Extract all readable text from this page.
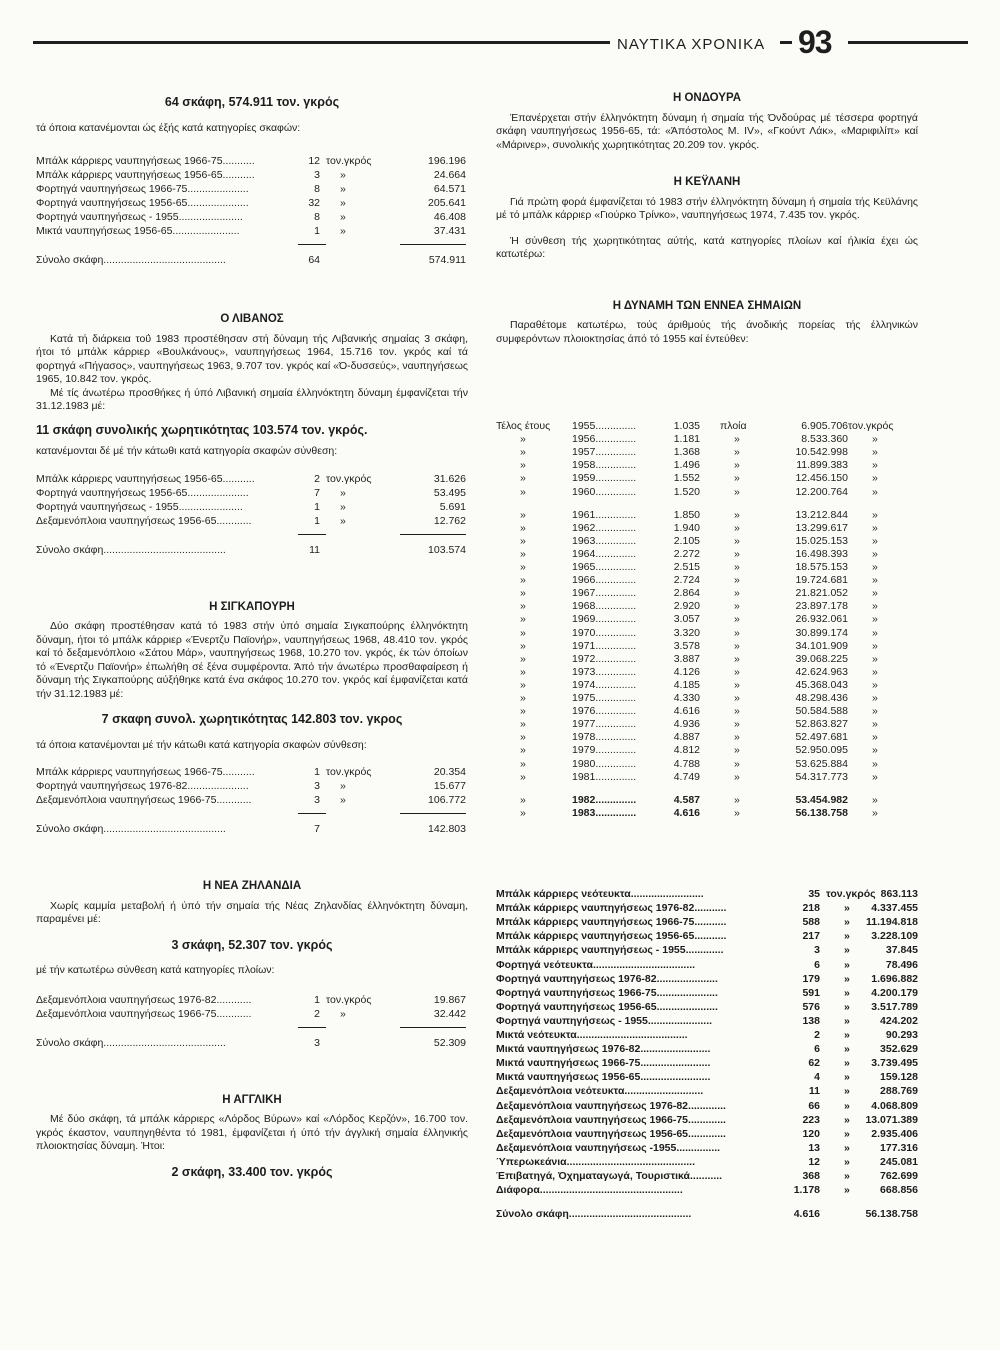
ΝΑΥΤΙΚΑ ΧΡΟΝΙΚΑ 93
64 σκάφη, 574.911 τον. γκρός

τά όποια κατανέμονται ώς έξής κατά κατηγορίες σκαφών:

Μπάλκ κάρριερς ναυπηγήσεως 1966-75...........	12 τον.γκρός	196.196
Μπάλκ κάρριερς ναυπηγήσεως 1956-65...........	3	»	24.664
Φορτηγά ναυπηγήσεως 1966-75.....................	8	»	64.571
Φορτηγά ναυπηγήσεως 1956-65.....................	32	»	205.641
Φορτηγά ναυπηγήσεως - 1955......................	8	»	46.408
Μικτά ναυπηγήσεως 1956-65.......................	1	»	37.431
Σύνολο σκάφη..........................................	64	574.911
Ο ΛΙΒΑΝΟΣ

Κατά τή διάρκεια τοΰ 1983 προστέθησαν στή δύναμη τής Λιβανικής σημαίας 3 σκάφη, ήτοι τό μπάλκ κάρριερ «Βουλκάνους», ναυπηγήσεως 1964, 15.716 τον. γκρός καί τά φορτηγά «Πήγασος», ναυπηγήσεως 1963, 9.707 τον. γκρός καί «Ό-δυσσεύς», ναυπηγήσεως 1965, 10.842 τον. γκρός.

Μέ τίς άνωτέρω προσθήκες ή ύπό Λιβανική σημαία έλληνόκτητη δύναμη έμφανίζεται τήν 31.12.1983 μέ:

11 σκάφη συνολικής χωρητικότητας 103.574 τον. γκρός.

κατανέμονται δέ μέ τήν κάτωθι κατά κατηγορία σκαφών σύνθεση:

Μπάλκ κάρριερς ναυπηγήσεως 1956-65...........	2 τον.γκρός	31.626
Φορτηγά ναυπηγήσεως 1956-65.....................	7	»	53.495
Φορτηγά ναυπηγήσεως - 1955......................	1	»	5.691
Δεξαμενόπλοια ναυπηγήσεως 1956-65............	1	»	12.762
Σύνολο σκάφη..........................................	11	103.574
Η ΣΙΓΚΑΠΟΥΡΗ

Δύο σκάφη προστέθησαν κατά τό 1983 στήν ύπό σημαία Σιγκαπούρης έλληνόκτητη δύναμη, ήτοι τό μπάλκ κάρριερ «Ένερτζυ Παϊονήρ», ναυπηγήσεως 1968, 48.410 τον. γκρός καί τό δεξαμενόπλοιο «Σάτου Μάρ», ναυπηγήσεως 1968, 10.270 τον. γκρός, έκ τών όποίων τό «Ένερτζυ Παϊονήρ» έπωλήθη σέ ξένα συμφέροντα. Άπό τήν άνωτέρω προσθαφαίρεση ή δύναμη τής Σιγκαπούρης αύξήθηκε κατά ένα σκάφος 10.270 τον. γκρός καί έμφανίζεται κατά τήν 31.12.1983 μέ:

7 σκαφη συνολ. χωρητικότητας 142.803 τον. γκρος

τά όποια κατανέμονται μέ τήν κάτωθι κατά κατηγορία σκαφών σύνθεση:

Μπάλκ κάρριερς ναυπηγήσεως 1966-75...........	1 τον.γκρός	20.354
Φορτηγά ναυπηγήσεως 1976-82.....................	3	»	15.677
Δεξαμενόπλοια ναυπηγήσεως 1966-75............	3	»	106.772
Σύνολο σκάφη..........................................	7	142.803
Η ΝΕΑ ΖΗΛΑΝΔΙΑ

Χωρίς καμμία μεταβολή ή ύπό τήν σημαία τής Νέας Ζηλανδίας έλληνόκτητη δύναμη, παραμένει μέ:

3 σκάφη, 52.307 τον. γκρός

μέ τήν κατωτέρω σύνθεση κατά κατηγορίες πλοίων:

Δεξαμενόπλοια ναυπηγήσεως 1976-82............	1 τον.γκρός	19.867
Δεξαμενόπλοια ναυπηγήσεως 1966-75............	2	»	32.442
Σύνολο σκάφη..........................................	3	52.309
Η ΑΓΓΛΙΚΗ

Μέ δύο σκάφη, τά μπάλκ κάρριερς «Λόρδος Βύρων» καί «Λόρδος Κερζόν», 16.700 τον. γκρός έκαστον, ναυπηγηθέντα τό 1981, έμφανίζεται ή ύπό τήν άγγλική σημαία έλληνικής πλοιοκτησίας δύναμη. Ήτοι:

2 σκάφη, 33.400 τον. γκρός
Η ΟΝΔΟΥΡΑ

Έπανέρχεται στήν έλληνόκτητη δύναμη ή σημαία τής Όνδούρας μέ τέσσερα φορτηγά σκάφη ναυπηγήσεως 1956-65, τά: «Άπόστολος Μ. IV», «Γκούντ Λάκ», «Μαριφιλίπ» καί «Μάρινερ», συνολικής χωρητικότητας 20.209 τον. γκρός.

Η ΚΕΫΛΑΝΗ

Γιά πρώτη φορά έμφανίζεται τό 1983 στήν έλληνόκτητη δύναμη ή σημαία τής Κεϋλάνης μέ τό μπάλκ κάρριερ «Γιούρκο Τρίνκο», ναυπηγήσεως 1974, 7.435 τον. γκρός.

Ή σύνθεση τής χωρητικότητας αύτής, κατά κατηγορίες πλοίων καί ήλικία έχει ώς κατωτέρω:

Η ΔΥΝΑΜΗ ΤΩΝ ΕΝΝΕΑ ΣΗΜΑΙΩΝ

Παραθέτομε κατωτέρω, τούς άριθμούς τής άνοδικής πορείας τής έλληνικών συμφερόντων πλοιοκτησίας άπό τό 1955 καί έντεύθεν:

Τέλος έτους 1955..............	1.035 πλοία	6.905.706 τον.γκρός
»	1956..............	1.181	»	8.533.360 »
»	1957..............	1.368	»	10.542.998 »
»	1958..............	1.496	»	11.899.383 »
»	1959..............	1.552	»	12.456.150 »
»	1960..............	1.520	»	12.200.764 »
»	1961..............	1.850	»	13.212.844 »
»	1962..............	1.940	»	13.299.617 »
»	1963..............	2.105	»	15.025.153 »
»	1964..............	2.272	»	16.498.393 »
»	1965..............	2.515	»	18.575.153 »
»	1966..............	2.724	»	19.724.681 »
»	1967..............	2.864	»	21.821.052 »
»	1968..............	2.920	»	23.897.178 »
»	1969..............	3.057	»	26.932.061 »
»	1970..............	3.320	»	30.899.174 »
»	1971..............	3.578	»	34.101.909 »
»	1972..............	3.887	»	39.068.225 »
»	1973..............	4.126	»	42.624.963 »
»	1974..............	4.185	»	45.368.043 »
»	1975..............	4.330	»	48.298.436 »
»	1976..............	4.616	»	50.584.588 »
»	1977..............	4.936	»	52.863.827 »
»	1978..............	4.887	»	52.497.681 »
»	1979..............	4.812	»	52.950.095 »
»	1980..............	4.788	»	53.625.884 »
»	1981..............	4.749	»	54.317.773 »
»	1982..............	4.587	»	53.454.982 »
»	1983..............	4.616	»	56.138.758 »
Μπάλκ κάρριερς νεότευκτα.........................	35 τον.γκρός 863.113
Μπάλκ κάρριερς ναυπηγήσεως 1976-82...........	218 »	4.337.455
Μπάλκ κάρριερς ναυπηγήσεως 1966-75...........	588 »	11.194.818
Μπάλκ κάρριερς ναυπηγήσεως 1956-65...........	217 »	3.228.109
Μπάλκ κάρριερς ναυπηγήσεως - 1955.............	3 »	37.845
Φορτηγά νεότευκτα...................................	6 »	78.496
Φορτηγά ναυπηγήσεως 1976-82.....................	179 »	1.696.882
Φορτηγά ναυπηγήσεως 1966-75.....................	591 »	4.200.179
Φορτηγά ναυπηγήσεως 1956-65.....................	576 »	3.517.789
Φορτηγά ναυπηγήσεως - 1955......................	138 »	424.202
Μικτά νεότευκτα......................................	2 »	90.293
Μικτά ναυπηγήσεως 1976-82........................	6 »	352.629
Μικτά ναυπηγήσεως 1966-75........................	62 »	3.739.495
Μικτά ναυπηγήσεως 1956-65........................	4 »	159.128
Δεξαμενόπλοια νεότευκτα...........................	11 »	288.769
Δεξαμενόπλοια ναυπηγήσεως 1976-82.............	66 »	4.068.809
Δεξαμενόπλοια ναυπηγήσεως 1966-75.............	223 »	13.071.389
Δεξαμενόπλοια ναυπηγήσεως 1956-65.............	120 »	2.935.406
Δεξαμενόπλοια ναυπηγήσεως -1955...............	13 »	177.316
Ύπερωκεάνια............................................	12 »	245.081
Έπιβατηγά, Όχηματαγωγά, Τουριστικά...........	368 »	762.699
Διάφορα.................................................	1.178 »	668.856
Σύνολο σκάφη..........................................	4.616	56.138.758
